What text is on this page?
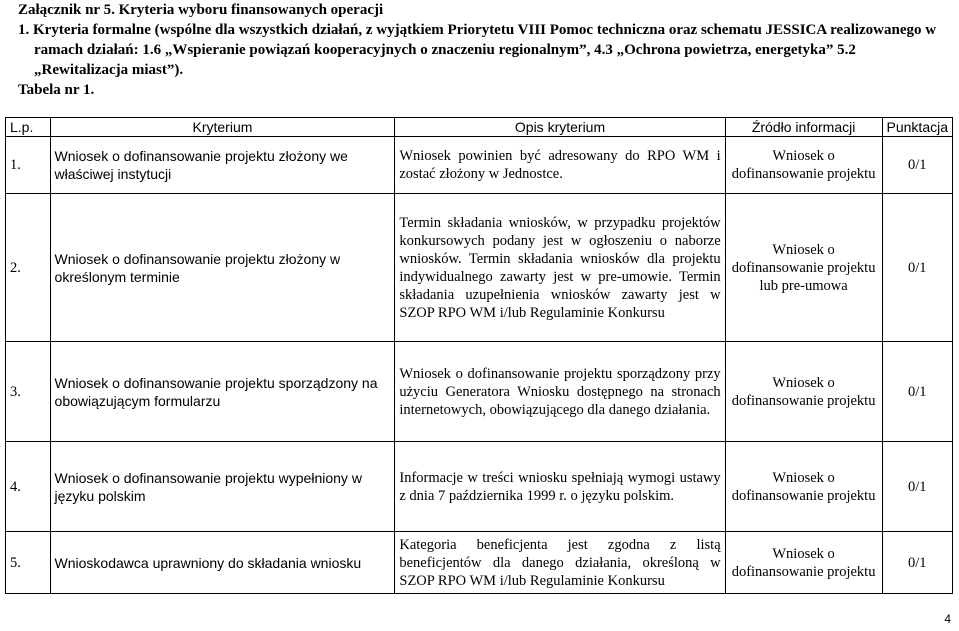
Załącznik nr 5. Kryteria wyboru finansowanych operacji

1. Kryteria formalne (wspólne dla wszystkich działań, z wyjątkiem Priorytetu VIII Pomoc techniczna oraz schematu JESSICA realizowanego w ramach działań: 1.6 „Wspieranie powiązań kooperacyjnych o znaczeniu regionalnym”, 4.3 „Ochrona powietrza, energetyka” 5.2 „Rewitalizacja miast”).

Tabela nr 1.
L.p.	Kryterium	Opis kryterium	Źródło informacji	Punktacja
1.	Wniosek o dofinansowanie projektu złożony we właściwej instytucji	Wniosek powinien być adresowany do RPO WM i zostać złożony w Jednostce.	Wniosek o dofinansowanie projektu	0/1
2.	Wniosek o dofinansowanie projektu złożony w określonym terminie	Termin składania wniosków, w przypadku projektów konkursowych podany jest w ogłoszeniu o naborze wniosków. Termin składania wniosków dla projektu indywidualnego zawarty jest w pre-umowie. Termin składania uzupełnienia wniosków zawarty jest w SZOP RPO WM i/lub Regulaminie Konkursu	Wniosek o dofinansowanie projektu lub pre-umowa	0/1
3.	Wniosek o dofinansowanie projektu sporządzony na obowiązującym formularzu	Wniosek o dofinansowanie projektu sporządzony przy użyciu Generatora Wniosku dostępnego na stronach internetowych, obowiązującego dla danego działania.	Wniosek o dofinansowanie projektu	0/1
4.	Wniosek o dofinansowanie projektu wypełniony w języku polskim	Informacje w treści wniosku spełniają wymogi ustawy z dnia 7 października 1999 r. o języku polskim.	Wniosek o dofinansowanie projektu	0/1
5.	Wnioskodawca uprawniony do składania wniosku	Kategoria beneficjenta jest zgodna z listą beneficjentów dla danego działania, określoną w SZOP RPO WM i/lub Regulaminie Konkursu	Wniosek o dofinansowanie projektu	0/1
4
